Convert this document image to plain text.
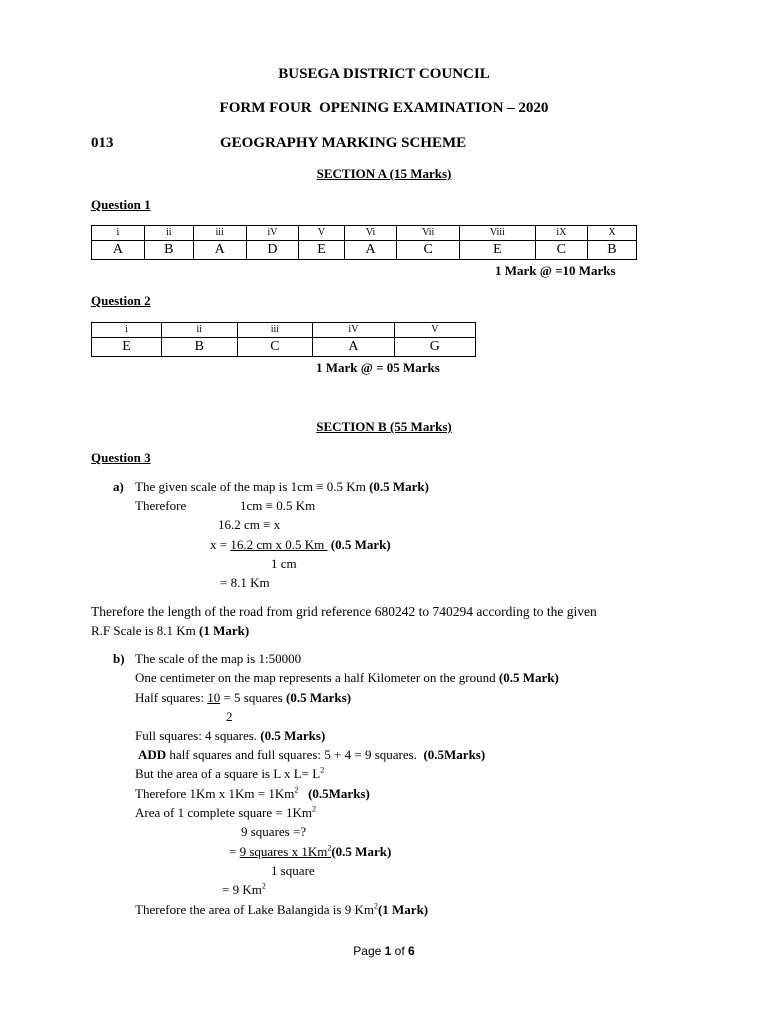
BUSEGA DISTRICT COUNCIL
FORM FOUR  OPENING EXAMINATION – 2020
013	GEOGRAPHY MARKING SCHEME
SECTION A (15 Marks)
Question 1
i	ii	iii	iV	V	Vi	Vii	Viii	iX	X
A	B	A	D	E	A	C	E	C	B
1 Mark @ =10 Marks
Question 2
i	ii	iii	iV	V
E	B	C	A	G
1 Mark @ = 05 Marks
SECTION B (55 Marks)
Question 3
a) The given scale of the map is 1cm ≡ 0.5 Km (0.5 Mark)
Therefore	1cm ≡ 0.5 Km
16.2 cm ≡ x
x = 16.2 cm x 0.5 Km  (0.5 Mark)
1 cm
= 8.1 Km
Therefore the length of the road from grid reference 680242 to 740294 according to the given
R.F Scale is 8.1 Km (1 Mark)
b) The scale of the map is 1:50000
One centimeter on the map represents a half Kilometer on the ground (0.5 Mark)
Half squares: 10 = 5 squares (0.5 Marks)
2
Full squares: 4 squares. (0.5 Marks)
ADD half squares and full squares: 5 + 4 = 9 squares.  (0.5Marks)
But the area of a square is L x $L= L^2$
Therefore 1Km x $1Km = 1Km^2$ (0.5Marks)
Area of 1 complete square = $1Km^2$
9 squares =?
= 9 squares x 1Km$^2$(0.5 Mark)
1 square
= 9 Km$^2$
Therefore the area of Lake Balangida is 9 Km$^2$(1 Mark)
Page 1 of 6
